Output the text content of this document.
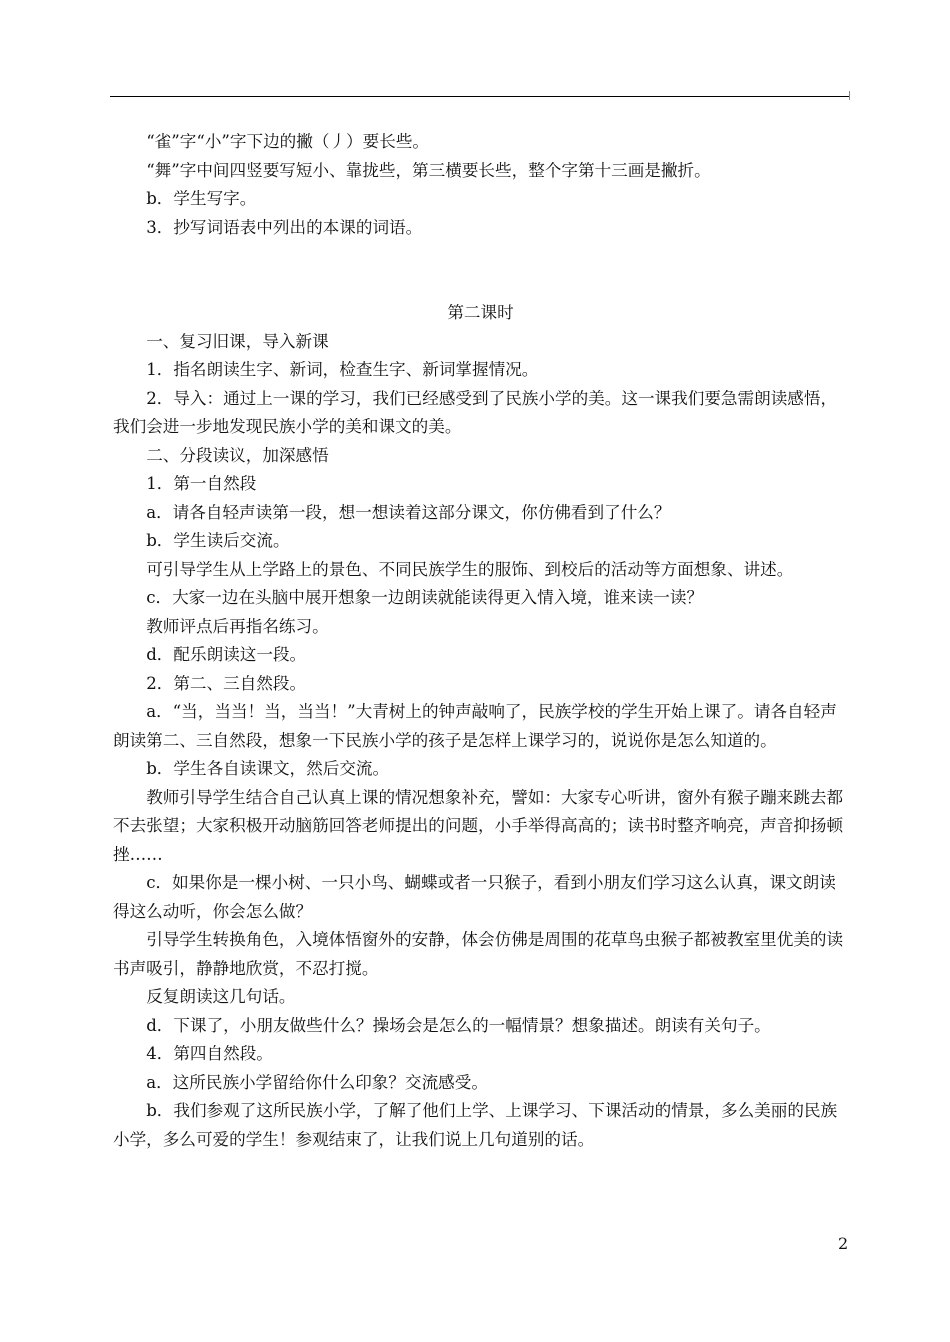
“雀”字“小”字下边的撇（丿）要长些。

“舞”字中间四竖要写短小、靠拢些，第三横要长些，整个字第十三画是撇折。

b．学生写字。

3．抄写词语表中列出的本课的词语。

第二课时

一、复习旧课，导入新课

1．指名朗读生字、新词，检查生字、新词掌握情况。

2．导入：通过上一课的学习，我们已经感受到了民族小学的美。这一课我们要急需朗读感悟，我们会进一步地发现民族小学的美和课文的美。

二、分段读议，加深感悟

1．第一自然段

a．请各自轻声读第一段，想一想读着这部分课文，你仿佛看到了什么？

b．学生读后交流。

可引导学生从上学路上的景色、不同民族学生的服饰、到校后的活动等方面想象、讲述。

c．大家一边在头脑中展开想象一边朗读就能读得更入情入境，谁来读一读？

教师评点后再指名练习。

d．配乐朗读这一段。

2．第二、三自然段。

a．“当，当当！当，当当！”大青树上的钟声敲响了，民族学校的学生开始上课了。请各自轻声朗读第二、三自然段，想象一下民族小学的孩子是怎样上课学习的，说说你是怎么知道的。

b．学生各自读课文，然后交流。

教师引导学生结合自己认真上课的情况想象补充，譬如：大家专心听讲，窗外有猴子蹦来跳去都不去张望；大家积极开动脑筋回答老师提出的问题，小手举得高高的；读书时整齐响亮，声音抑扬顿挫……

c．如果你是一棵小树、一只小鸟、蝴蝶或者一只猴子，看到小朋友们学习这么认真，课文朗读得这么动听，你会怎么做？

引导学生转换角色，入境体悟窗外的安静，体会仿佛是周围的花草鸟虫猴子都被教室里优美的读书声吸引，静静地欣赏，不忍打搅。

反复朗读这几句话。

d．下课了，小朋友做些什么？操场会是怎么的一幅情景？想象描述。朗读有关句子。

4．第四自然段。

a．这所民族小学留给你什么印象？交流感受。

b．我们参观了这所民族小学，了解了他们上学、上课学习、下课活动的情景，多么美丽的民族小学，多么可爱的学生！参观结束了，让我们说上几句道别的话。

2
